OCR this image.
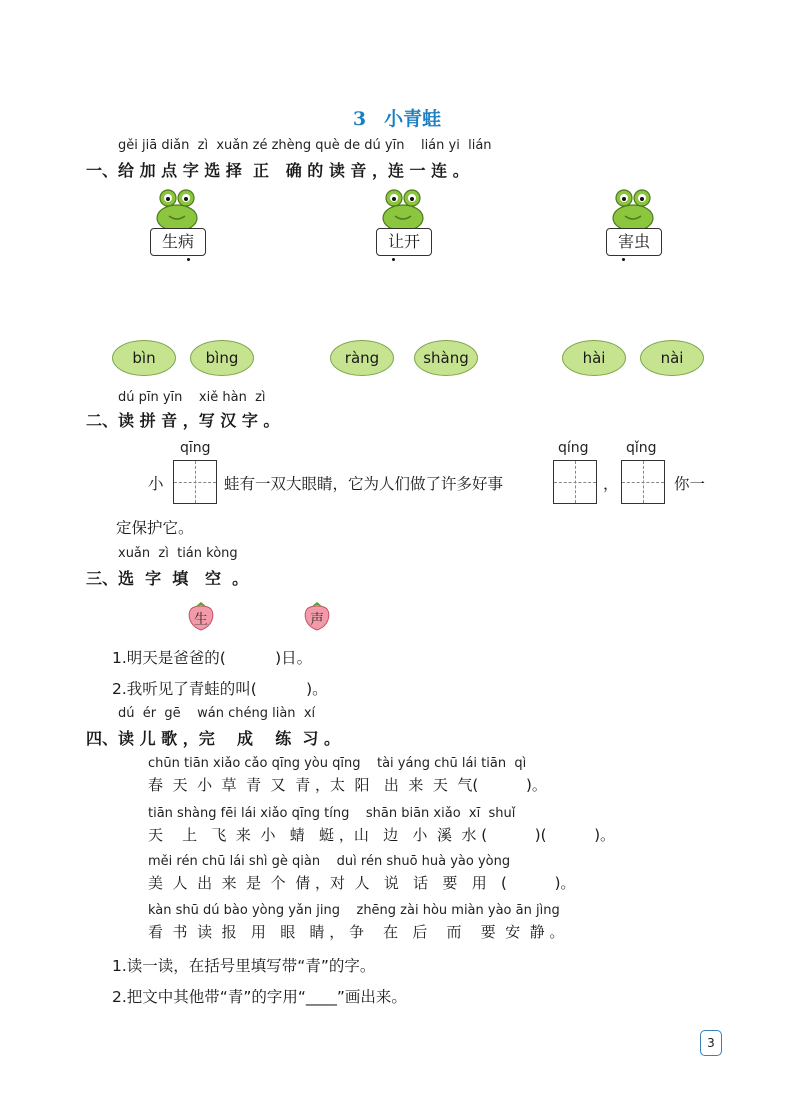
3 小青蛙
gěi jiā diǎn  zì  xuǎn zé zhèng què de dú yīn    lián yi  lián
一、给 加 点 字 选 择  正   确 的 读 音 ，连 一 连 。
生病	让开	害虫
bìn	bìng	ràng	shàng	hài	nài
dú pīn yīn    xiě hàn  zì
二、读 拼 音 ，写 汉 字 。
qīng	qíng	qǐng
小	蛙有一双大眼睛，它为人们做了许多好事	，	你一
定保护它。
xuǎn  zì  tián kòng
三、选  字  填   空  。
生	声
1.明天是爸爸的(          )日。
2.我听见了青蛙的叫(          )。
dú  ér  gē    wán chéng liàn  xí
四、读 儿 歌 ，完    成    练  习 。
chūn tiān xiǎo cǎo qīng yòu qīng    tài yáng chū lái tiān  qì
春  天  小  草  青  又  青 ，太  阳   出  来  天  气(          )。
tiān shàng fēi lái xiǎo qīng tíng    shān biān xiǎo  xī  shuǐ
天    上   飞  来  小   蜻   蜓 ，山   边   小  溪  水 (          )(          )。
měi rén chū lái shì gè qiàn    duì rén shuō huà yào yòng
美  人  出  来  是  个  倩 ，对  人   说   话   要   用   (          )。
kàn shū dú bào yòng yǎn jing    zhēng zài hòu miàn yào ān jìng
看  书  读  报   用   眼   睛 ， 争    在   后    而    要  安  静 。
1.读一读，在括号里填写带“青”的字。
2.把文中其他带“青”的字用“____”画出来。
3
